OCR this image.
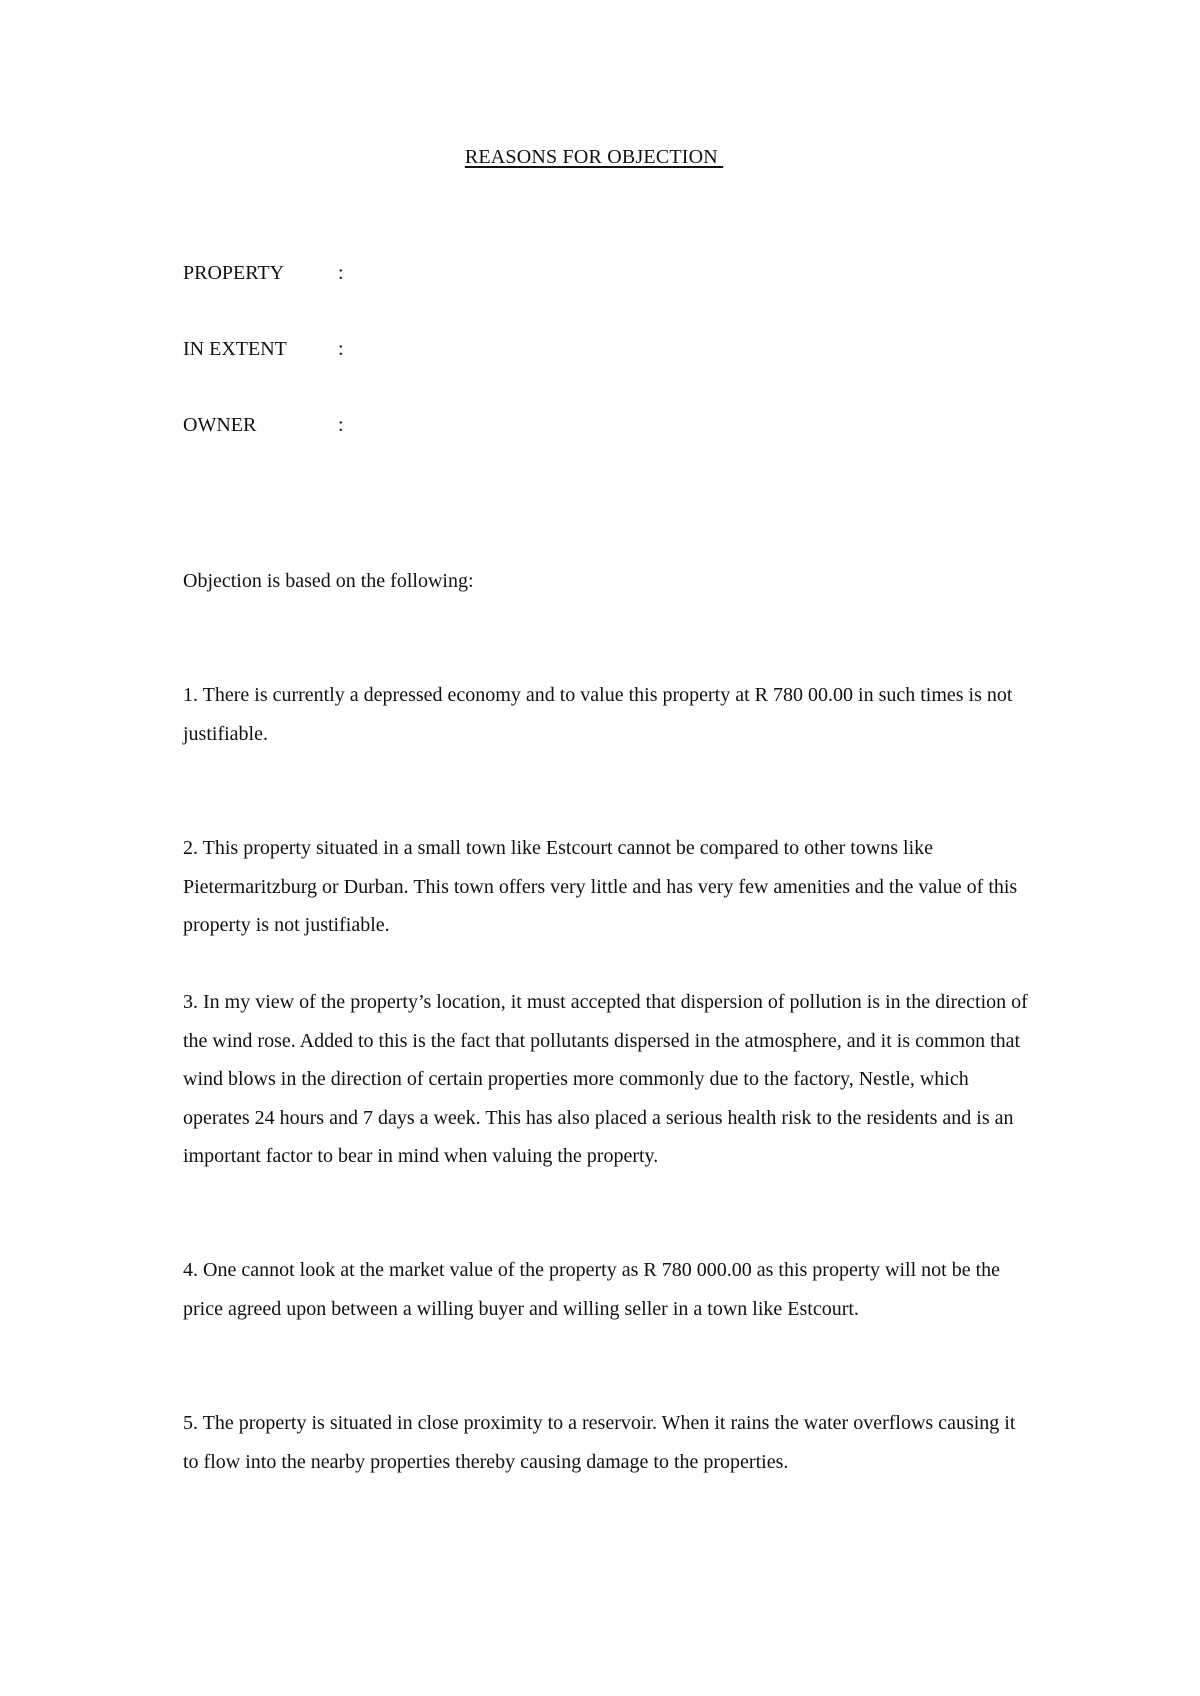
REASONS FOR OBJECTION
PROPERTY	:
IN EXTENT	:
OWNER	:
Objection is based on the following:
1. There is currently a depressed economy and to value this property at R 780 00.00 in such times is not justifiable.
2. This property situated in a small town like Estcourt cannot be compared to other towns like Pietermaritzburg or Durban. This town offers very little and has very few amenities and the value of this property is not justifiable.
3. In my view of the property’s location, it must accepted that dispersion of pollution is in the direction of the wind rose. Added to this is the fact that pollutants dispersed in the atmosphere, and it is common that wind blows in the direction of certain properties more commonly due to the factory, Nestle, which operates 24 hours and 7 days a week. This has also placed a serious health risk to the residents and is an important factor to bear in mind when valuing the property.
4. One cannot look at the market value of the property as R 780 000.00 as this property will not be the price agreed upon between a willing buyer and willing seller in a town like Estcourt.
5. The property is situated in close proximity to a reservoir. When it rains the water overflows causing it to flow into the nearby properties thereby causing damage to the properties.
